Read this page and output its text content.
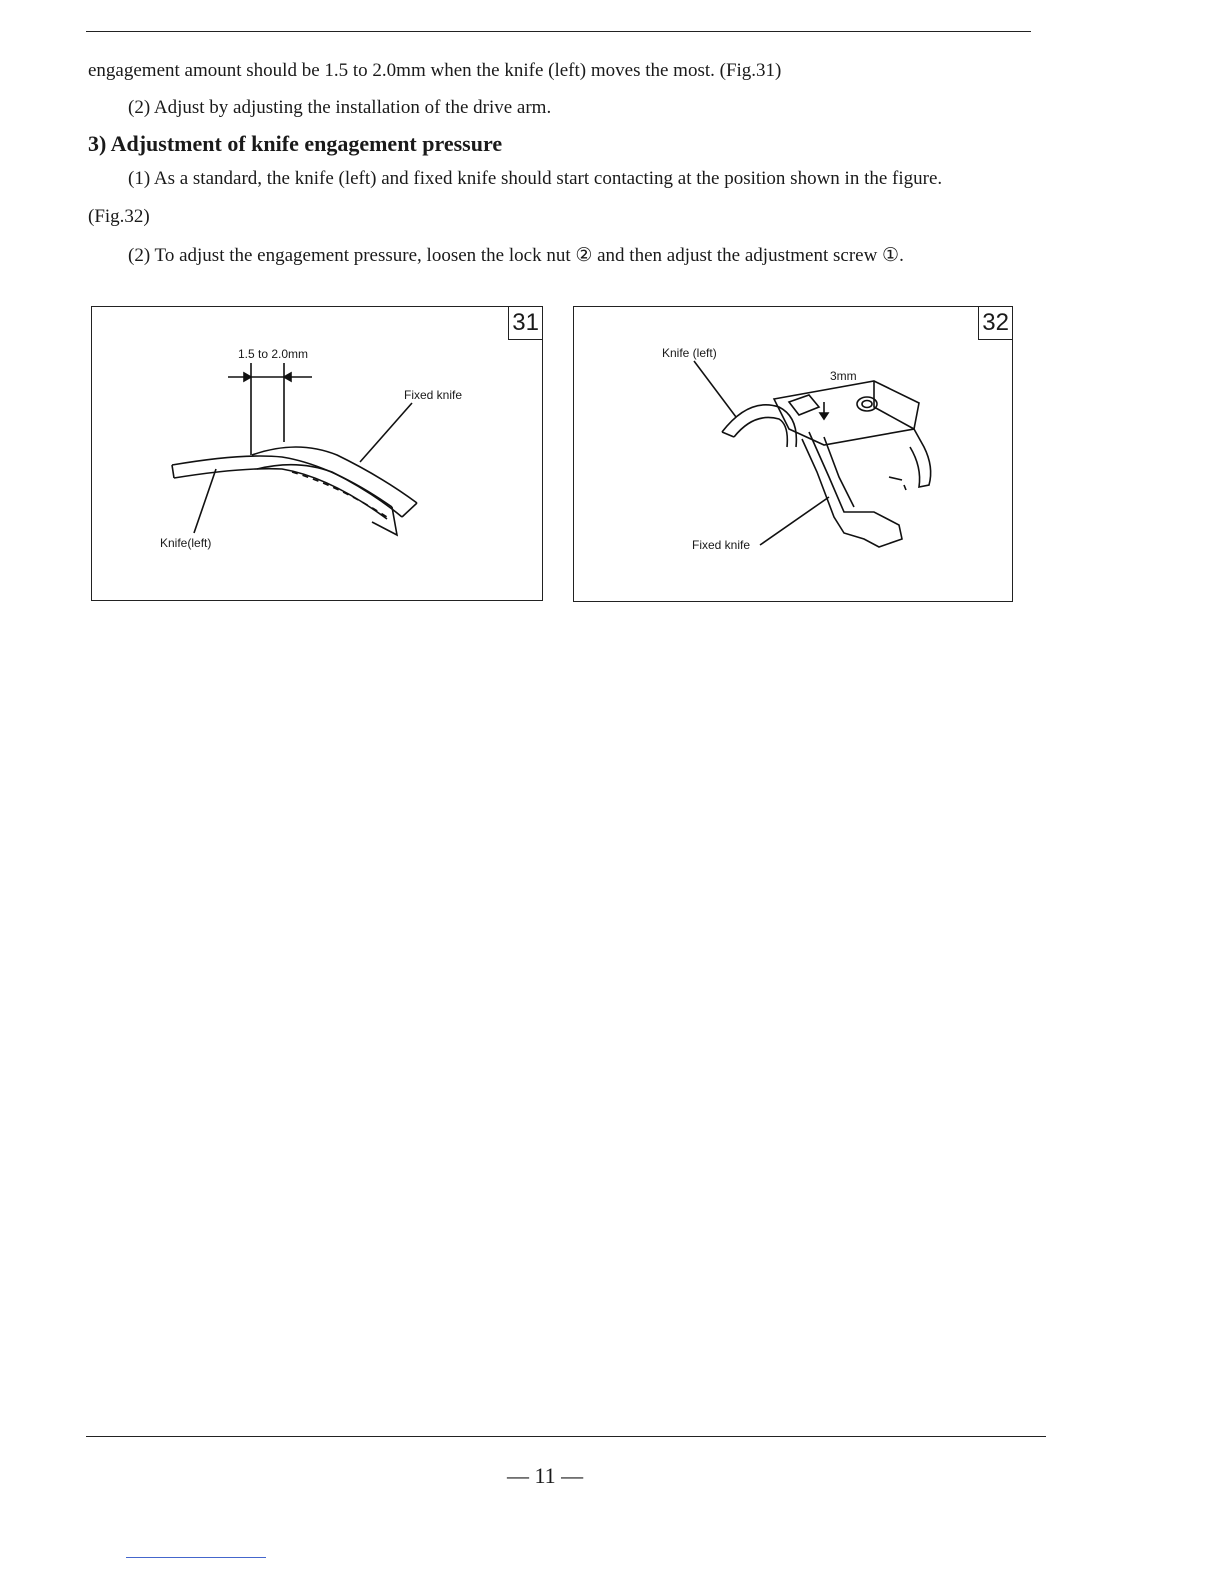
engagement amount should be 1.5 to 2.0mm when the knife (left) moves the most. (Fig.31)
(2) Adjust by adjusting the installation of the drive arm.
3) Adjustment of knife engagement pressure
(1) As a standard, the knife (left) and fixed knife should start contacting at the position shown in the figure.
(Fig.32)
(2) To adjust the engagement pressure, loosen the lock nut ② and then adjust the adjustment screw ①.
31
1.5 to 2.0mm
Fixed knife
Knife(left)
32
Knife (left)
3mm
Fixed knife
— 11 —
